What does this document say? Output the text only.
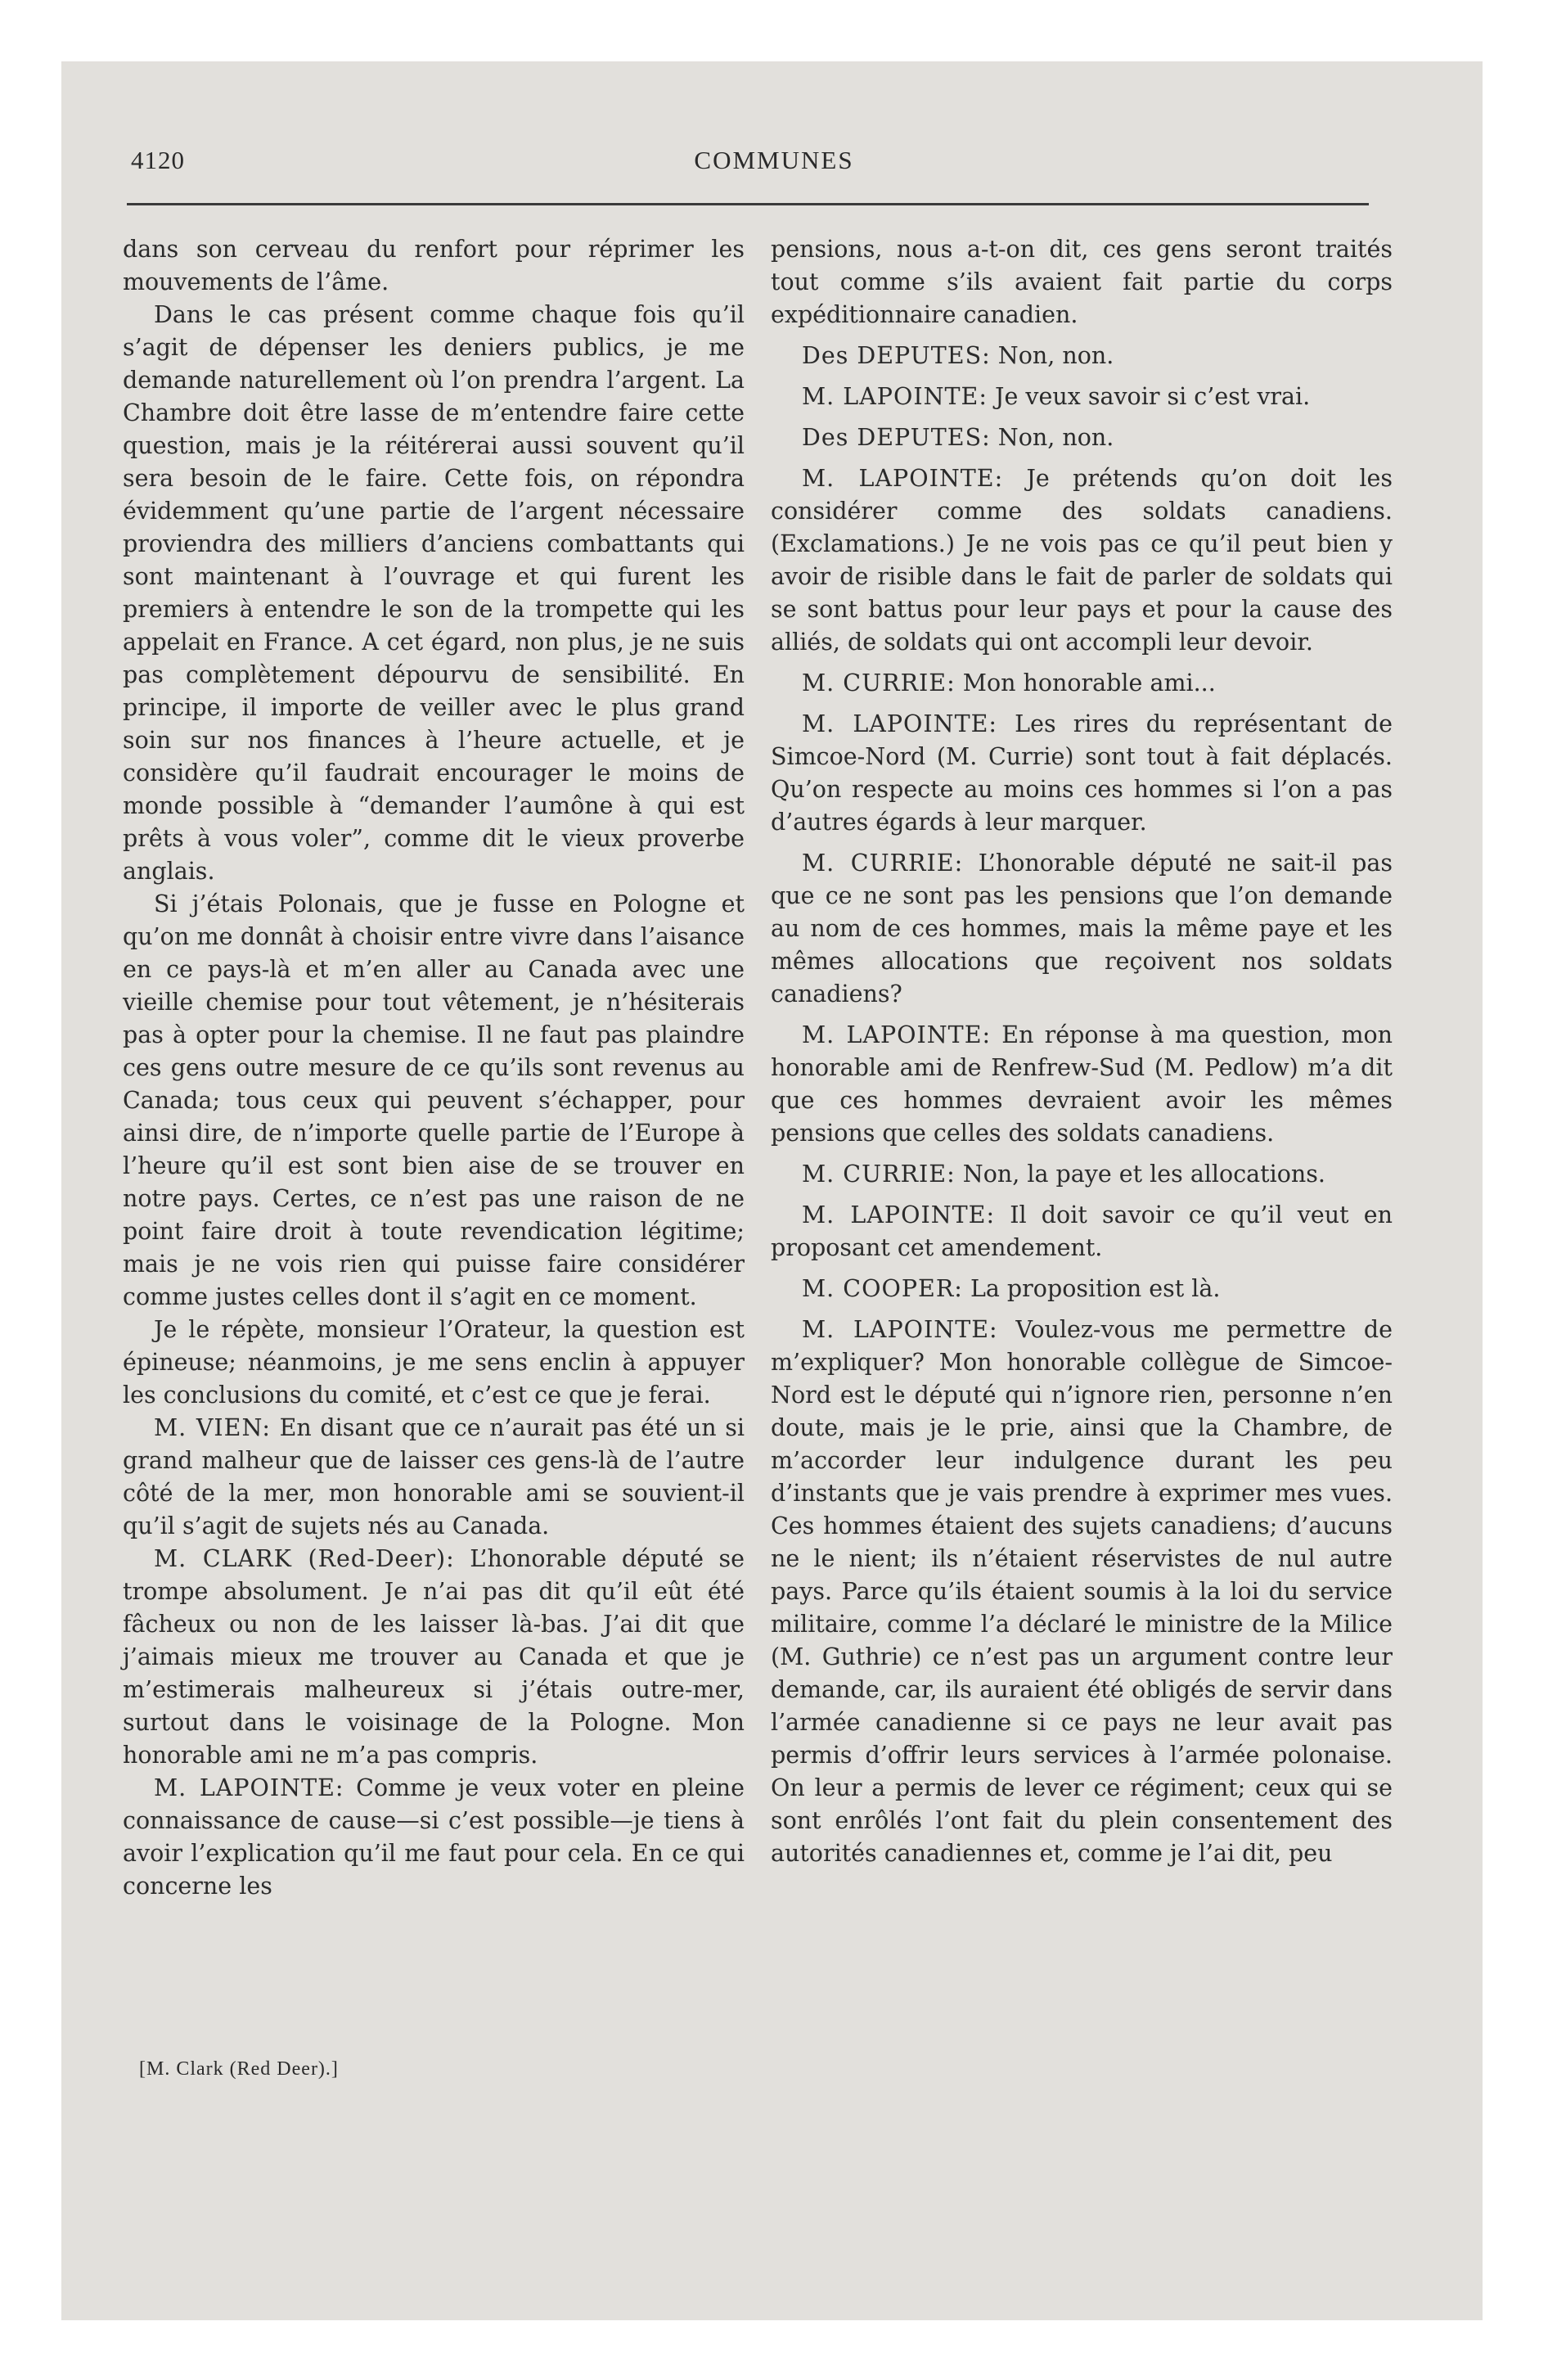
4120	COMMUNES

dans son cerveau du renfort pour réprimer les mouvements de l’âme.

Dans le cas présent comme chaque fois qu’il s’agit de dépenser les deniers publics, je me demande naturellement où l’on prendra l’argent. La Chambre doit être lasse de m’entendre faire cette question, mais je la réitérerai aussi souvent qu’il sera besoin de le faire. Cette fois, on répondra évidemment qu’une partie de l’argent nécessaire proviendra des milliers d’anciens combattants qui sont maintenant à l’ouvrage et qui furent les premiers à entendre le son de la trompette qui les appelait en France. A cet égard, non plus, je ne suis pas complètement dépourvu de sensibilité. En principe, il importe de veiller avec le plus grand soin sur nos finances à l’heure actuelle, et je considère qu’il faudrait encourager le moins de monde possible à “demander l’aumône à qui est prêts à vous voler”, comme dit le vieux proverbe anglais.

Si j’étais Polonais, que je fusse en Pologne et qu’on me donnât à choisir entre vivre dans l’aisance en ce pays-là et m’en aller au Canada avec une vieille chemise pour tout vêtement, je n’hésiterais pas à opter pour la chemise. Il ne faut pas plaindre ces gens outre mesure de ce qu’ils sont revenus au Canada; tous ceux qui peuvent s’échapper, pour ainsi dire, de n’importe quelle partie de l’Europe à l’heure qu’il est sont bien aise de se trouver en notre pays. Certes, ce n’est pas une raison de ne point faire droit à toute revendication légitime; mais je ne vois rien qui puisse faire considérer comme justes celles dont il s’agit en ce moment.

Je le répète, monsieur l’Orateur, la question est épineuse; néanmoins, je me sens enclin à appuyer les conclusions du comité, et c’est ce que je ferai.

M. VIEN: En disant que ce n’aurait pas été un si grand malheur que de laisser ces gens-là de l’autre côté de la mer, mon honorable ami se souvient-il qu’il s’agit de sujets nés au Canada.

M. CLARK (Red-Deer): L’honorable député se trompe absolument. Je n’ai pas dit qu’il eût été fâcheux ou non de les laisser là-bas. J’ai dit que j’aimais mieux me trouver au Canada et que je m’estimerais malheureux si j’étais outre-mer, surtout dans le voisinage de la Pologne. Mon honorable ami ne m’a pas compris.

M. LAPOINTE: Comme je veux voter en pleine connaissance de cause—si c’est possible—je tiens à avoir l’explication qu’il me faut pour cela. En ce qui concerne les

pensions, nous a-t-on dit, ces gens seront traités tout comme s’ils avaient fait partie du corps expéditionnaire canadien.

Des DEPUTES: Non, non.

M. LAPOINTE: Je veux savoir si c’est vrai.

Des DEPUTES: Non, non.

M. LAPOINTE: Je prétends qu’on doit les considérer comme des soldats canadiens. (Exclamations.) Je ne vois pas ce qu’il peut bien y avoir de risible dans le fait de parler de soldats qui se sont battus pour leur pays et pour la cause des alliés, de soldats qui ont accompli leur devoir.

M. CURRIE: Mon honorable ami...

M. LAPOINTE: Les rires du représentant de Simcoe-Nord (M. Currie) sont tout à fait déplacés. Qu’on respecte au moins ces hommes si l’on a pas d’autres égards à leur marquer.

M. CURRIE: L’honorable député ne sait-il pas que ce ne sont pas les pensions que l’on demande au nom de ces hommes, mais la même paye et les mêmes allocations que reçoivent nos soldats canadiens?

M. LAPOINTE: En réponse à ma question, mon honorable ami de Renfrew-Sud (M. Pedlow) m’a dit que ces hommes devraient avoir les mêmes pensions que celles des soldats canadiens.

M. CURRIE: Non, la paye et les allocations.

M. LAPOINTE: Il doit savoir ce qu’il veut en proposant cet amendement.

M. COOPER: La proposition est là.

M. LAPOINTE: Voulez-vous me permettre de m’expliquer? Mon honorable collègue de Simcoe-Nord est le député qui n’ignore rien, personne n’en doute, mais je le prie, ainsi que la Chambre, de m’accorder leur indulgence durant les peu d’instants que je vais prendre à exprimer mes vues. Ces hommes étaient des sujets canadiens; d’aucuns ne le nient; ils n’étaient réservistes de nul autre pays. Parce qu’ils étaient soumis à la loi du service militaire, comme l’a déclaré le ministre de la Milice (M. Guthrie) ce n’est pas un argument contre leur demande, car, ils auraient été obligés de servir dans l’armée canadienne si ce pays ne leur avait pas permis d’offrir leurs services à l’armée polonaise. On leur a permis de lever ce régiment; ceux qui se sont enrôlés l’ont fait du plein consentement des autorités canadiennes et, comme je l’ai dit, peu

[M. Clark (Red Deer).]
